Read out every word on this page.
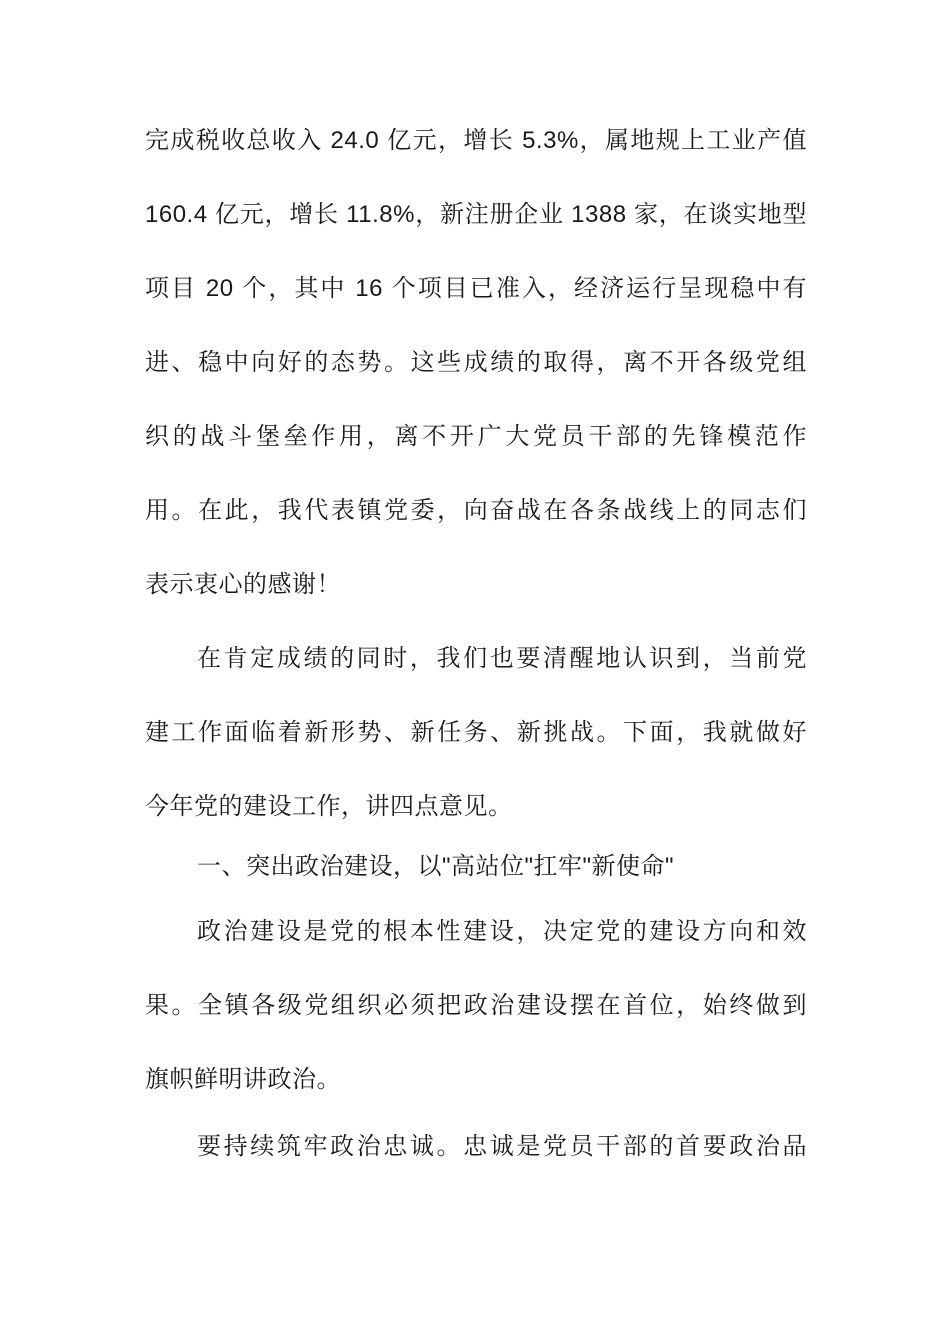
完成税收总收入 24.0 亿元，增长 5.3%，属地规上工业产值
160.4 亿元，增长 11.8%，新注册企业 1388 家，在谈实地型
项目 20 个，其中 16 个项目已准入，经济运行呈现稳中有
进、稳中向好的态势。这些成绩的取得，离不开各级党组
织的战斗堡垒作用，离不开广大党员干部的先锋模范作
用。在此，我代表镇党委，向奋战在各条战线上的同志们
表示衷心的感谢！
在肯定成绩的同时，我们也要清醒地认识到，当前党
建工作面临着新形势、新任务、新挑战。下面，我就做好
今年党的建设工作，讲四点意见。
一、突出政治建设，以"高站位"扛牢"新使命"
政治建设是党的根本性建设，决定党的建设方向和效
果。全镇各级党组织必须把政治建设摆在首位，始终做到
旗帜鲜明讲政治。
要持续筑牢政治忠诚。忠诚是党员干部的首要政治品
